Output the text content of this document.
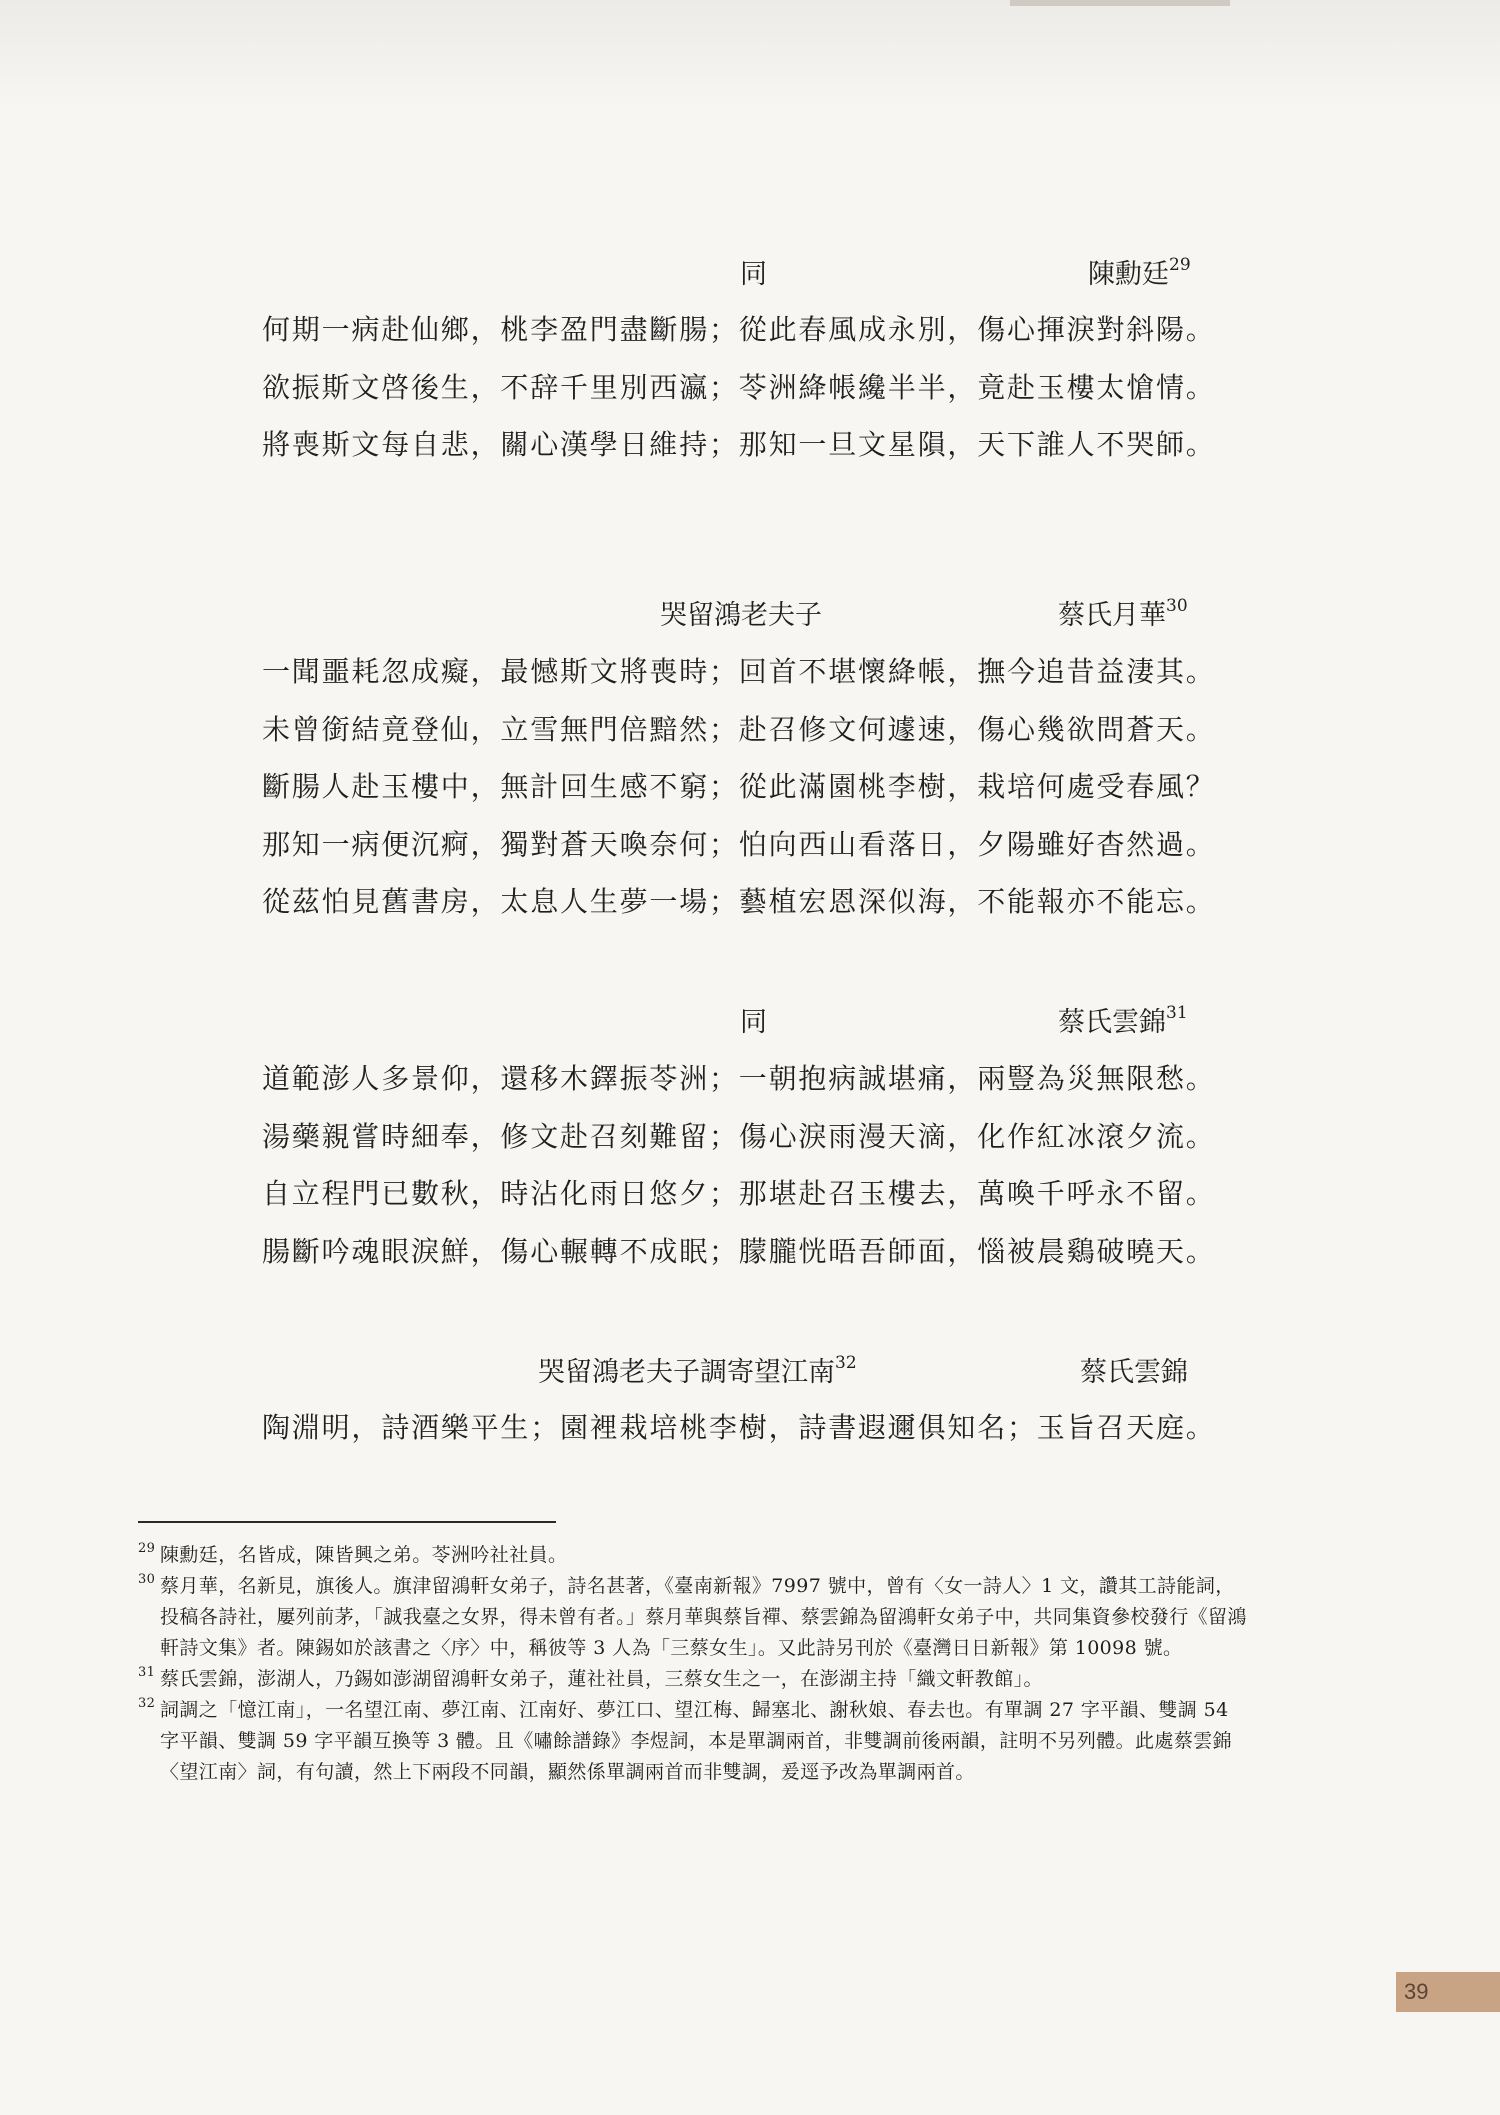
同	陳勳廷$^{29}$
何期一病赴仙鄉，桃李盈門盡斷腸；從此春風成永別，傷心揮淚對斜陽。
欲振斯文啓後生，不辞千里別西瀛；苓洲絳帳纔半半，竟赴玉樓太愴情。
將喪斯文每自悲，關心漢學日維持；那知一旦文星隕，天下誰人不哭師。
哭留鴻老夫子	蔡氏月華$^{30}$
一聞噩耗忽成癡，最憾斯文將喪時；回首不堪懷絳帳，撫今追昔益淒其。
未曾銜結竟登仙，立雪無門倍黯然；赴召修文何遽速，傷心幾欲問蒼天。
斷腸人赴玉樓中，無計回生感不窮；從此滿園桃李樹，栽培何處受春風？
那知一病便沉痾，獨對蒼天喚奈何；怕向西山看落日，夕陽雖好杳然過。
從茲怕見舊書房，太息人生夢一場；藝植宏恩深似海，不能報亦不能忘。
同	蔡氏雲錦$^{31}$
道範澎人多景仰，還移木鐸振苓洲；一朝抱病誠堪痛，兩豎為災無限愁。
湯藥親嘗時細奉，修文赴召刻難留；傷心淚雨漫天滴，化作紅冰滾夕流。
自立程門已數秋，時沾化雨日悠夕；那堪赴召玉樓去，萬喚千呼永不留。
腸斷吟魂眼淚鮮，傷心輾轉不成眠；朦朧恍晤吾師面，惱被晨鷄破曉天。
哭留鴻老夫子調寄望江南$^{32}$	蔡氏雲錦
陶淵明，詩酒樂平生；園裡栽培桃李樹，詩書遐邇俱知名；玉旨召天庭。

29 陳勳廷，名皆成，陳皆興之弟。苓洲吟社社員。

30 蔡月華，名新見，旗後人。旗津留鴻軒女弟子，詩名甚著，《臺南新報》7997 號中，曾有〈女一詩人〉1 文，讚其工詩能詞，投稿各詩社，屢列前茅，「誠我臺之女界，得未曾有者。」蔡月華與蔡旨禪、蔡雲錦為留鴻軒女弟子中，共同集資參校發行《留鴻軒詩文集》者。陳錫如於該書之〈序〉中，稱彼等 3 人為「三蔡女生」。又此詩另刊於《臺灣日日新報》第 10098 號。

31 蔡氏雲錦，澎湖人，乃錫如澎湖留鴻軒女弟子，蓮社社員，三蔡女生之一，在澎湖主持「織文軒教館」。

32 詞調之「憶江南」，一名望江南、夢江南、江南好、夢江口、望江梅、歸塞北、謝秋娘、春去也。有單調 27 字平韻、雙調 54 字平韻、雙調 59 字平韻互換等 3 體。且《嘯餘譜錄》李煜詞，本是單調兩首，非雙調前後兩韻，註明不另列體。此處蔡雲錦〈望江南〉詞，有句讀，然上下兩段不同韻，顯然係單調兩首而非雙調，爰逕予改為單調兩首。

39
